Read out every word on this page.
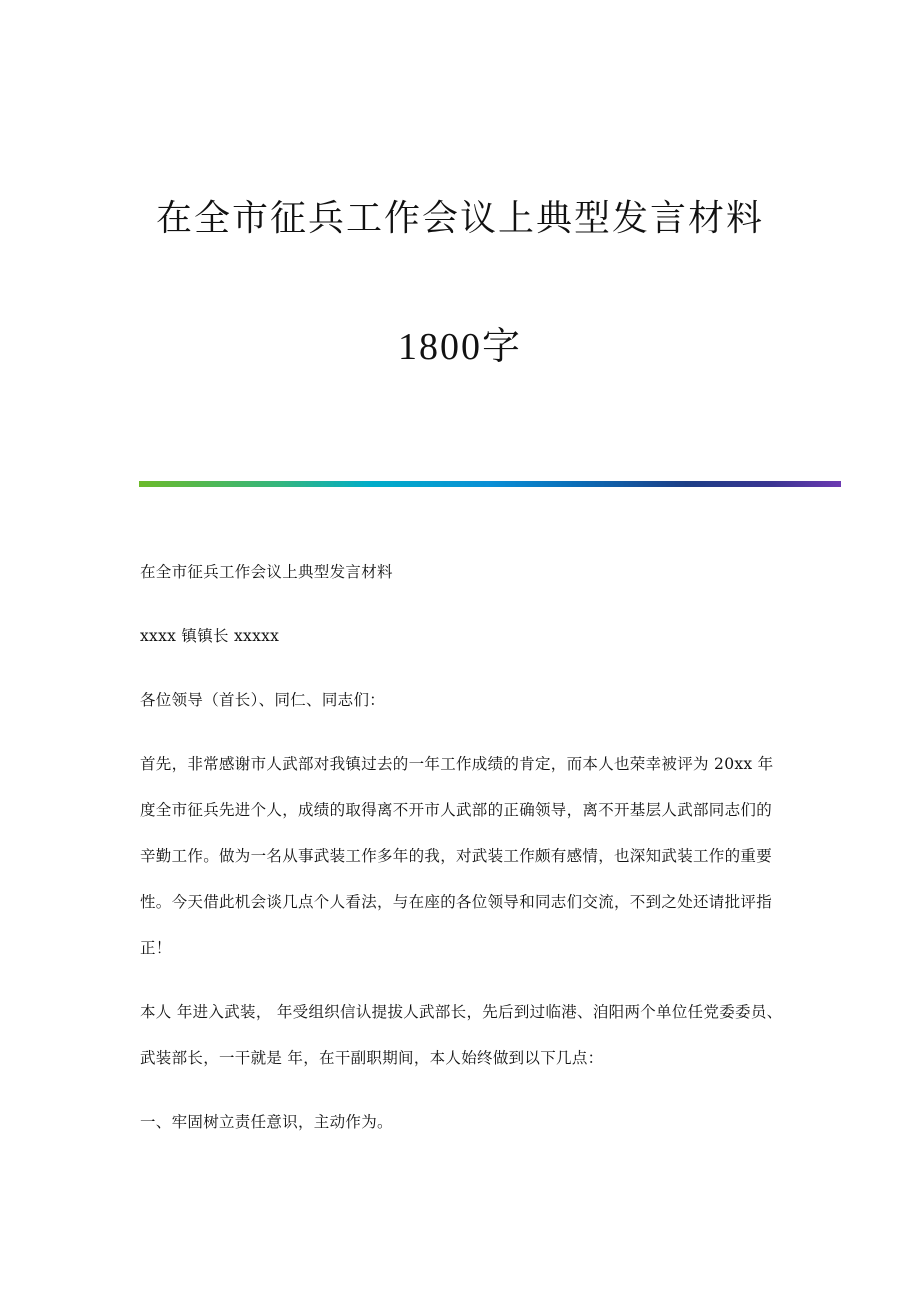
在全市征兵工作会议上典型发言材料
1800字

在全市征兵工作会议上典型发言材料

xxxx 镇镇长 xxxxx

各位领导（首长）、同仁、同志们：

首先，非常感谢市人武部对我镇过去的一年工作成绩的肯定，而本人也荣幸被评为 20xx 年度全市征兵先进个人，成绩的取得离不开市人武部的正确领导，离不开基层人武部同志们的辛勤工作。做为一名从事武装工作多年的我，对武装工作颇有感情，也深知武装工作的重要性。今天借此机会谈几点个人看法，与在座的各位领导和同志们交流，不到之处还请批评指正！

本人 年进入武装， 年受组织信认提拔人武部长，先后到过临港、洎阳两个单位任党委委员、武装部长，一干就是 年，在干副职期间，本人始终做到以下几点：

一、牢固树立责任意识，主动作为。
